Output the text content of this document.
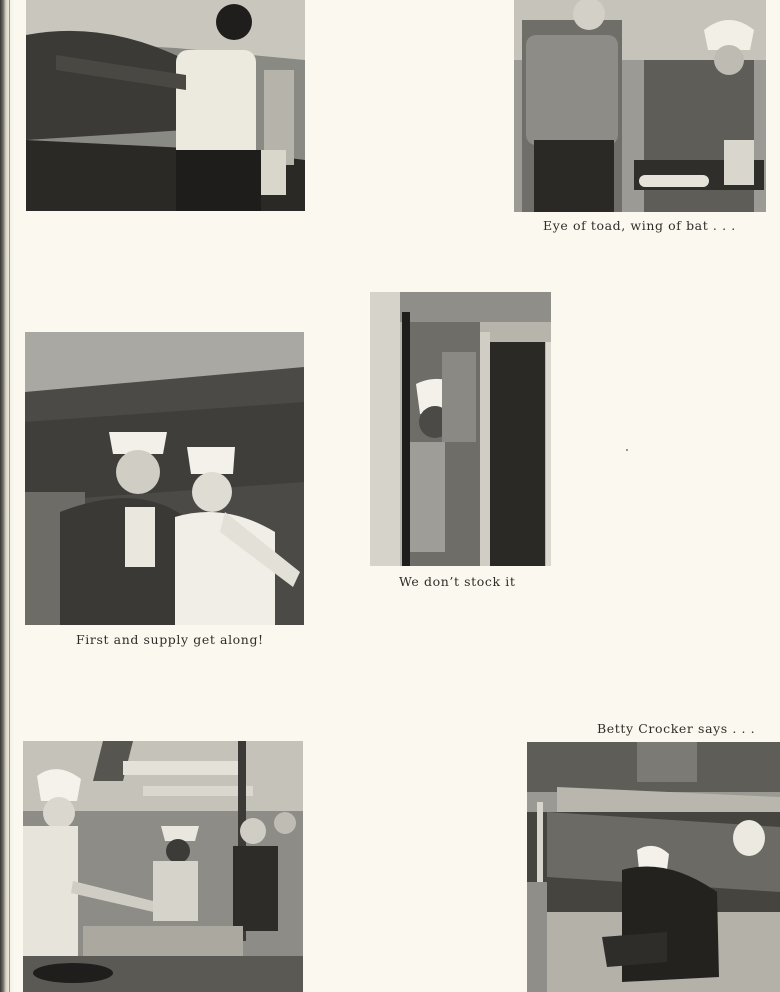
Eye of toad, wing of bat . . .
First and supply get along!
We don’t stock it
Betty Crocker says . . .
